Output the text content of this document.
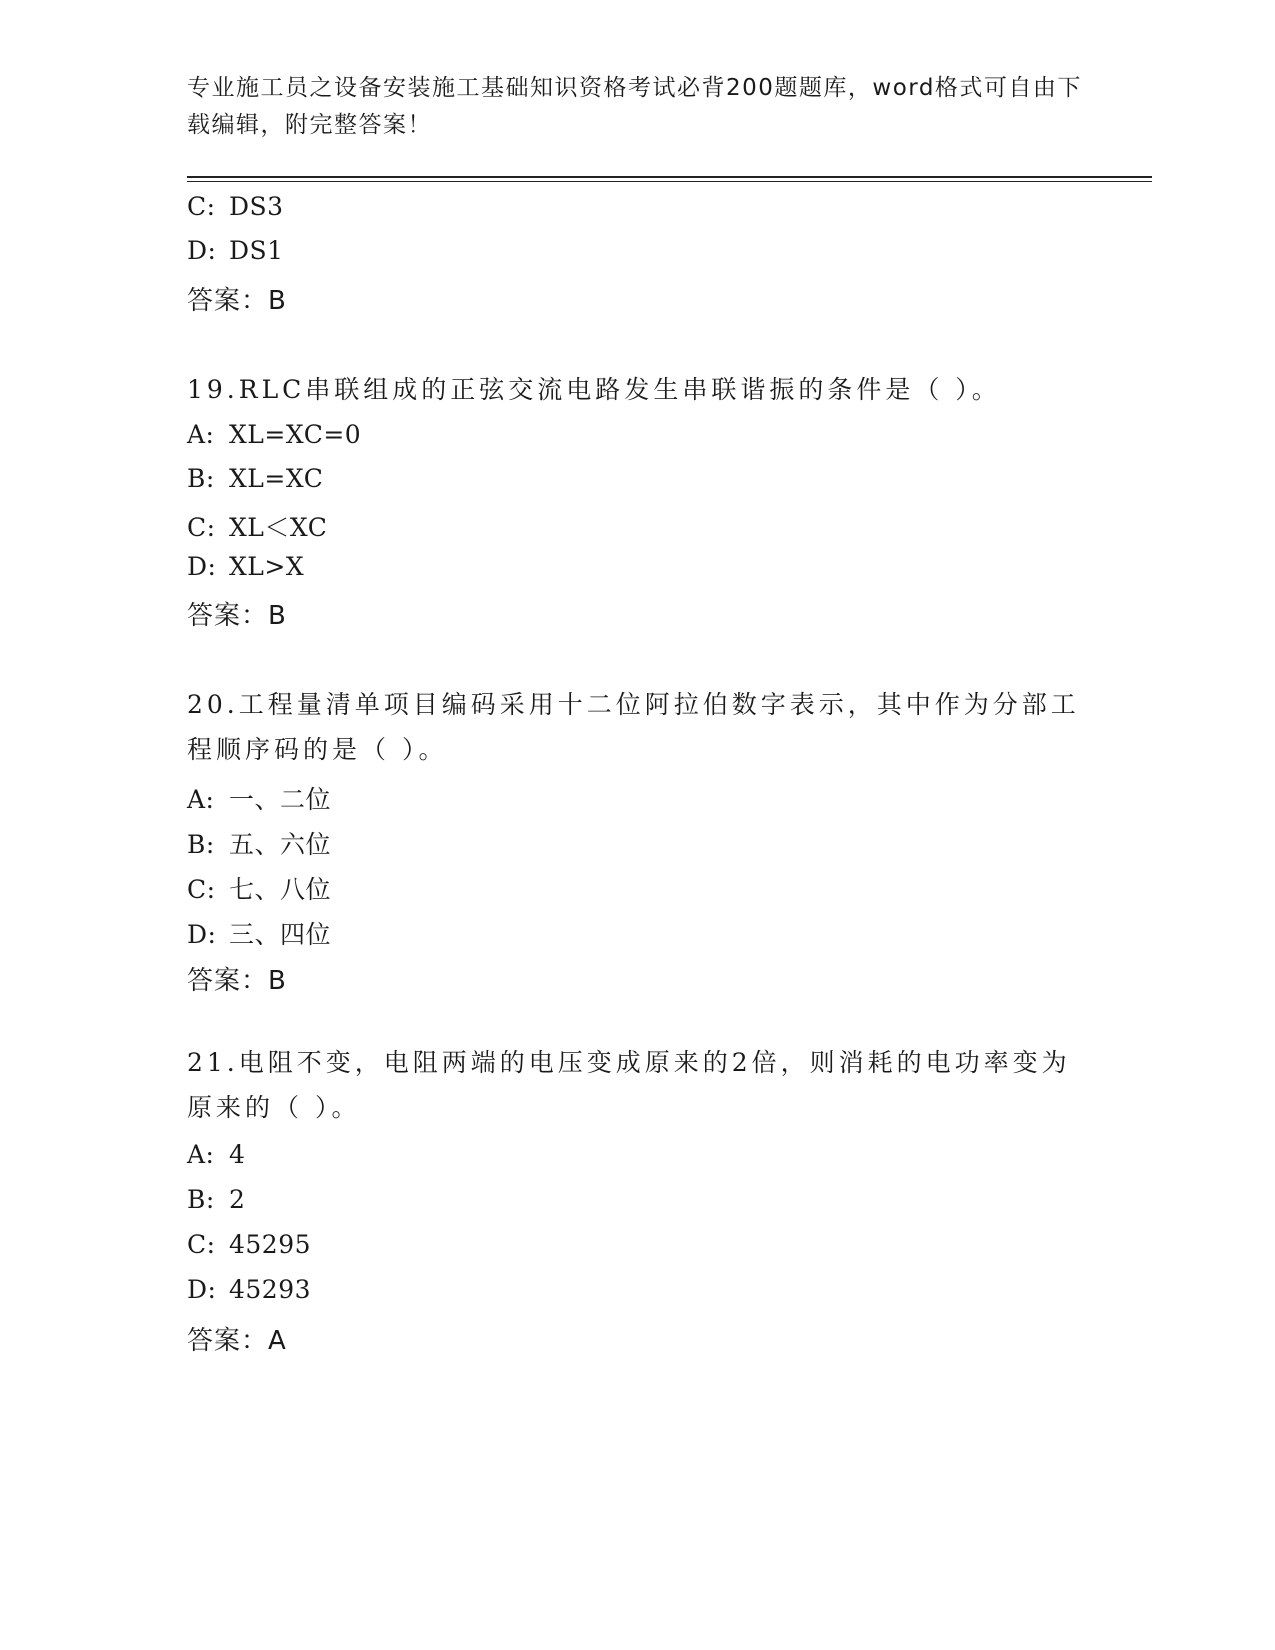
专业施工员之设备安装施工基础知识资格考试必背200题题库，word格式可自由下载编辑，附完整答案！
C: DS3
D: DS1
答案：B
19.RLC串联组成的正弦交流电路发生串联谐振的条件是（ ）。
A: XL=XC=0
B: XL=XC
C: XL＜XC
D: XL>X
答案：B
20.工程量清单项目编码采用十二位阿拉伯数字表示，其中作为分部工程顺序码的是（ ）。
A: 一、二位
B: 五、六位
C: 七、八位
D: 三、四位
答案：B
21.电阻不变，电阻两端的电压变成原来的2倍，则消耗的电功率变为原来的（ ）。
A: 4
B: 2
C: 45295
D: 45293
答案：A
